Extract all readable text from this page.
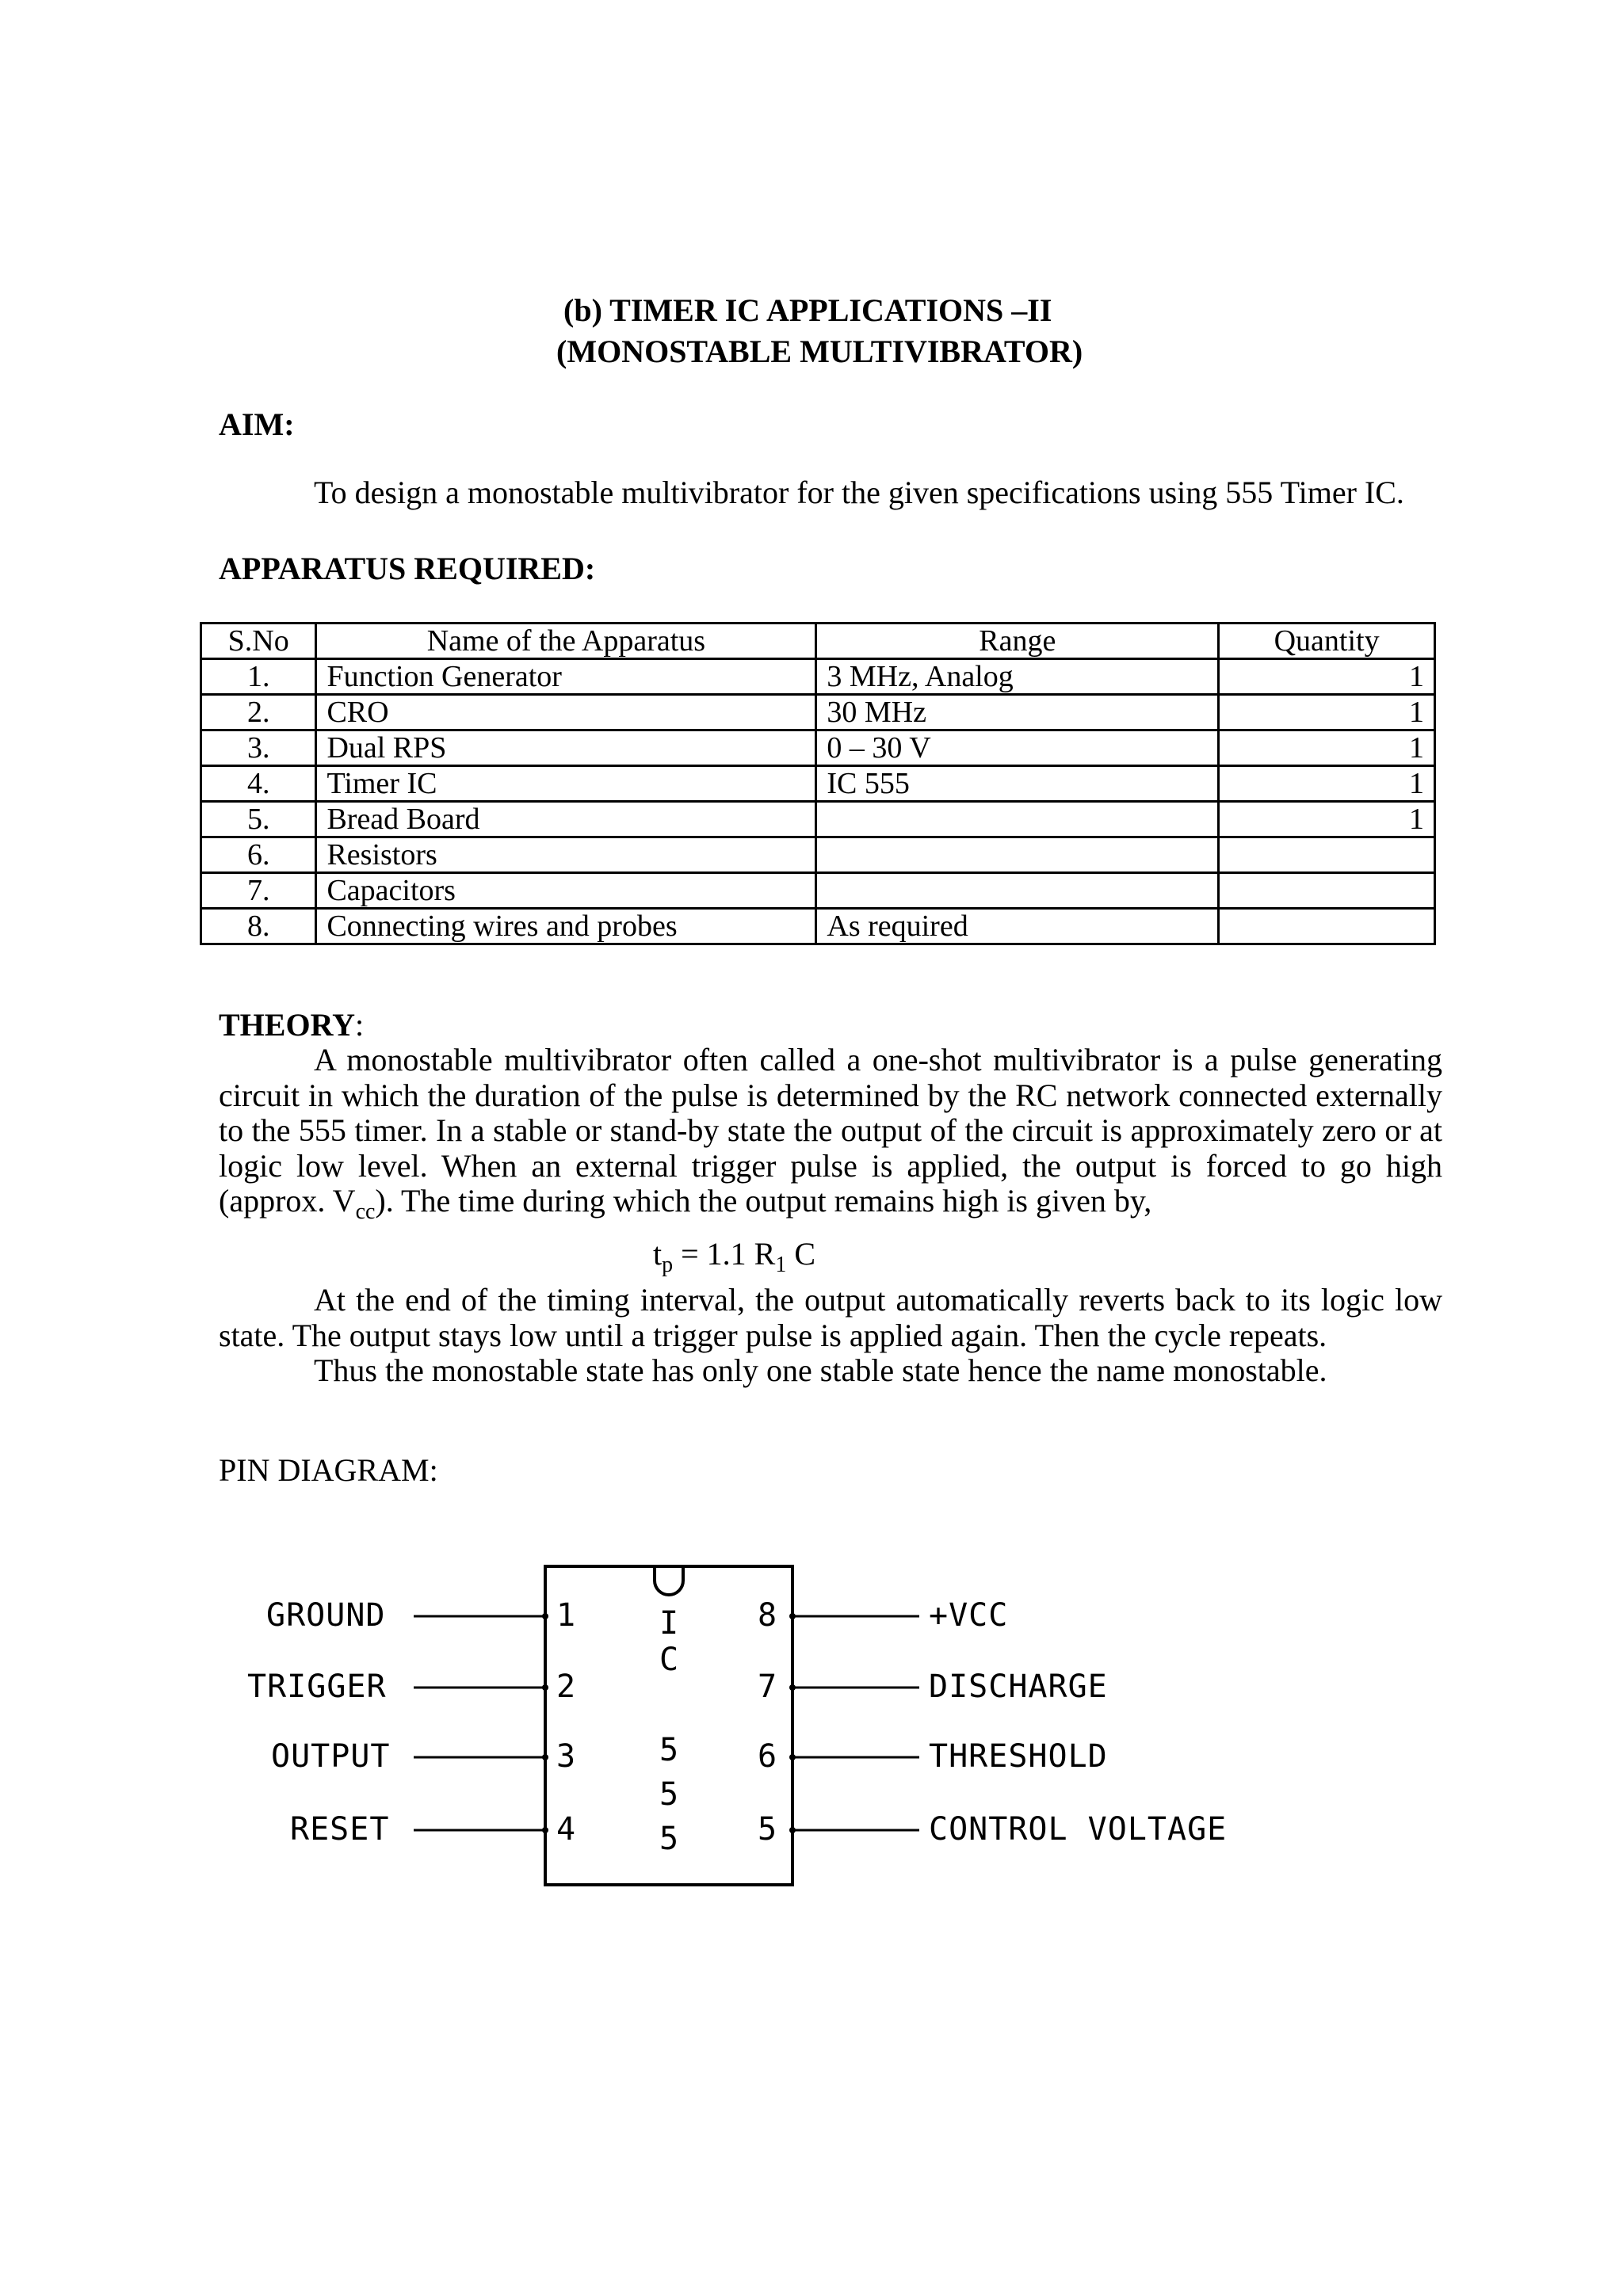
(b) TIMER IC APPLICATIONS –II
(MONOSTABLE MULTIVIBRATOR)
AIM:
To design a monostable multivibrator for the given specifications using 555 Timer IC.
APPARATUS REQUIRED:
S.No	Name of the Apparatus	Range	Quantity
1.	Function Generator	3 MHz, Analog	1
2.	CRO	30 MHz	1
3.	Dual RPS	0 – 30 V	1
4.	Timer IC	IC 555	1
5.	Bread Board		1
6.	Resistors		
7.	Capacitors		
8.	Connecting wires and probes	As required	
THEORY:

A monostable multivibrator often called a one-shot multivibrator is a pulse generating circuit in which the duration of the pulse is determined by the RC network connected externally to the 555 timer. In a stable or stand-by state the output of the circuit is approximately zero or at logic low level. When an external trigger pulse is applied, the output is forced to go high (approx. $V_{cc}$). The time during which the output remains high is given by,

$t_p = 1.1$ $R_1$ C

At the end of the timing interval, the output automatically reverts back to its logic low state. The output stays low until a trigger pulse is applied again. Then the cycle repeats.

Thus the monostable state has only one stable state hence the name monostable.

PIN DIAGRAM:
GROUND
TRIGGER
OUTPUT
RESET
1
2
3
4
8
7
6
5
+VCC
DISCHARGE
THRESHOLD
CONTROL VOLTAGE
I
C
5
5
5
